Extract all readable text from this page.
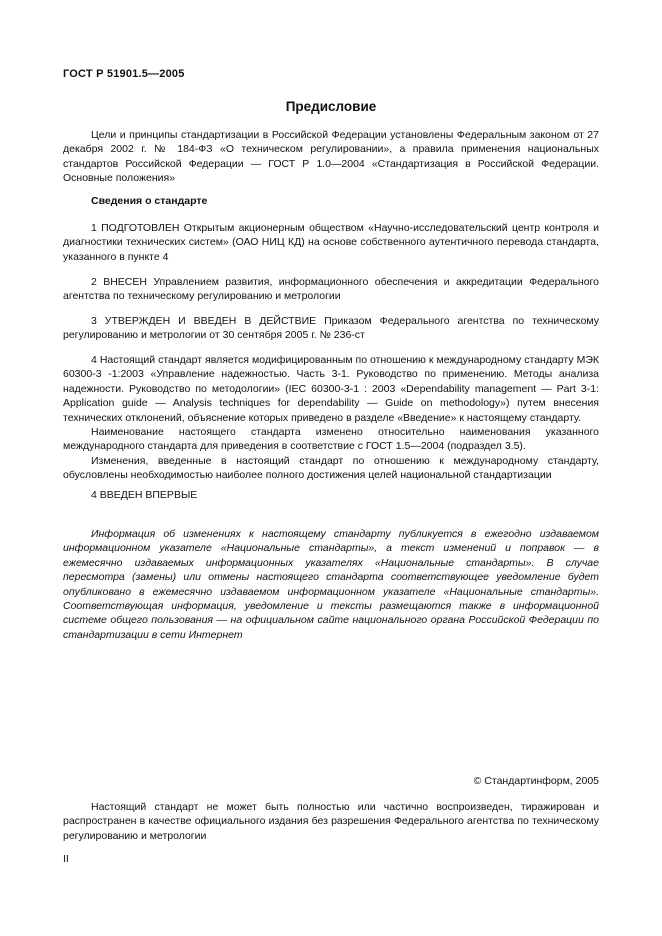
ГОСТ Р 51901.5—2005
Предисловие

Цели и принципы стандартизации в Российской Федерации установлены Федеральным законом от 27 декабря 2002 г. № 184-ФЗ «О техническом регулировании», а правила применения национальных стандартов Российской Федерации — ГОСТ Р 1.0—2004 «Стандартизация в Российской Федерации. Основные положения»

Сведения о стандарте

1 ПОДГОТОВЛЕН Открытым акционерным обществом «Научно-исследовательский центр контроля и диагностики технических систем» (ОАО НИЦ КД) на основе собственного аутентичного перевода стандарта, указанного в пункте 4

2 ВНЕСЕН Управлением развития, информационного обеспечения и аккредитации Федерального агентства по техническому регулированию и метрологии

3 УТВЕРЖДЕН И ВВЕДЕН В ДЕЙСТВИЕ Приказом Федерального агентства по техническому регулированию и метрологии от 30 сентября 2005 г. № 236-ст

4 Настоящий стандарт является модифицированным по отношению к международному стандарту МЭК 60300-3 -1:2003 «Управление надежностью. Часть 3-1. Руководство по применению. Методы анализа надежности. Руководство по методологии» (IEC 60300-3-1 : 2003 «Dependability management — Part 3-1: Application guide — Analysis techniques for dependability — Guide on methodology») путем внесения технических отклонений, объяснение которых приведено в разделе «Введение» к настоящему стандарту.

Наименование настоящего стандарта изменено относительно наименования указанного международного стандарта для приведения в соответствие с ГОСТ 1.5—2004 (подраздел 3.5).

Изменения, введенные в настоящий стандарт по отношению к международному стандарту, обусловлены необходимостью наиболее полного достижения целей национальной стандартизации

4 ВВЕДЕН ВПЕРВЫЕ

Информация об изменениях к настоящему стандарту публикуется в ежегодно издаваемом информационном указателе «Национальные стандарты», а текст изменений и поправок — в ежемесячно издаваемых информационных указателях «Национальные стандарты». В случае пересмотра (замены) или отмены настоящего стандарта соответствующее уведомление будет опубликовано в ежемесячно издаваемом информационном указателе «Национальные стандарты». Соответствующая информация, уведомление и тексты размещаются также в информационной системе общего пользования — на официальном сайте национального органа Российской Федерации по стандартизации в сети Интернет

© Стандартинформ, 2005

Настоящий стандарт не может быть полностью или частично воспроизведен, тиражирован и распространен в качестве официального издания без разрешения Федерального агентства по техническому регулированию и метрологии

II
